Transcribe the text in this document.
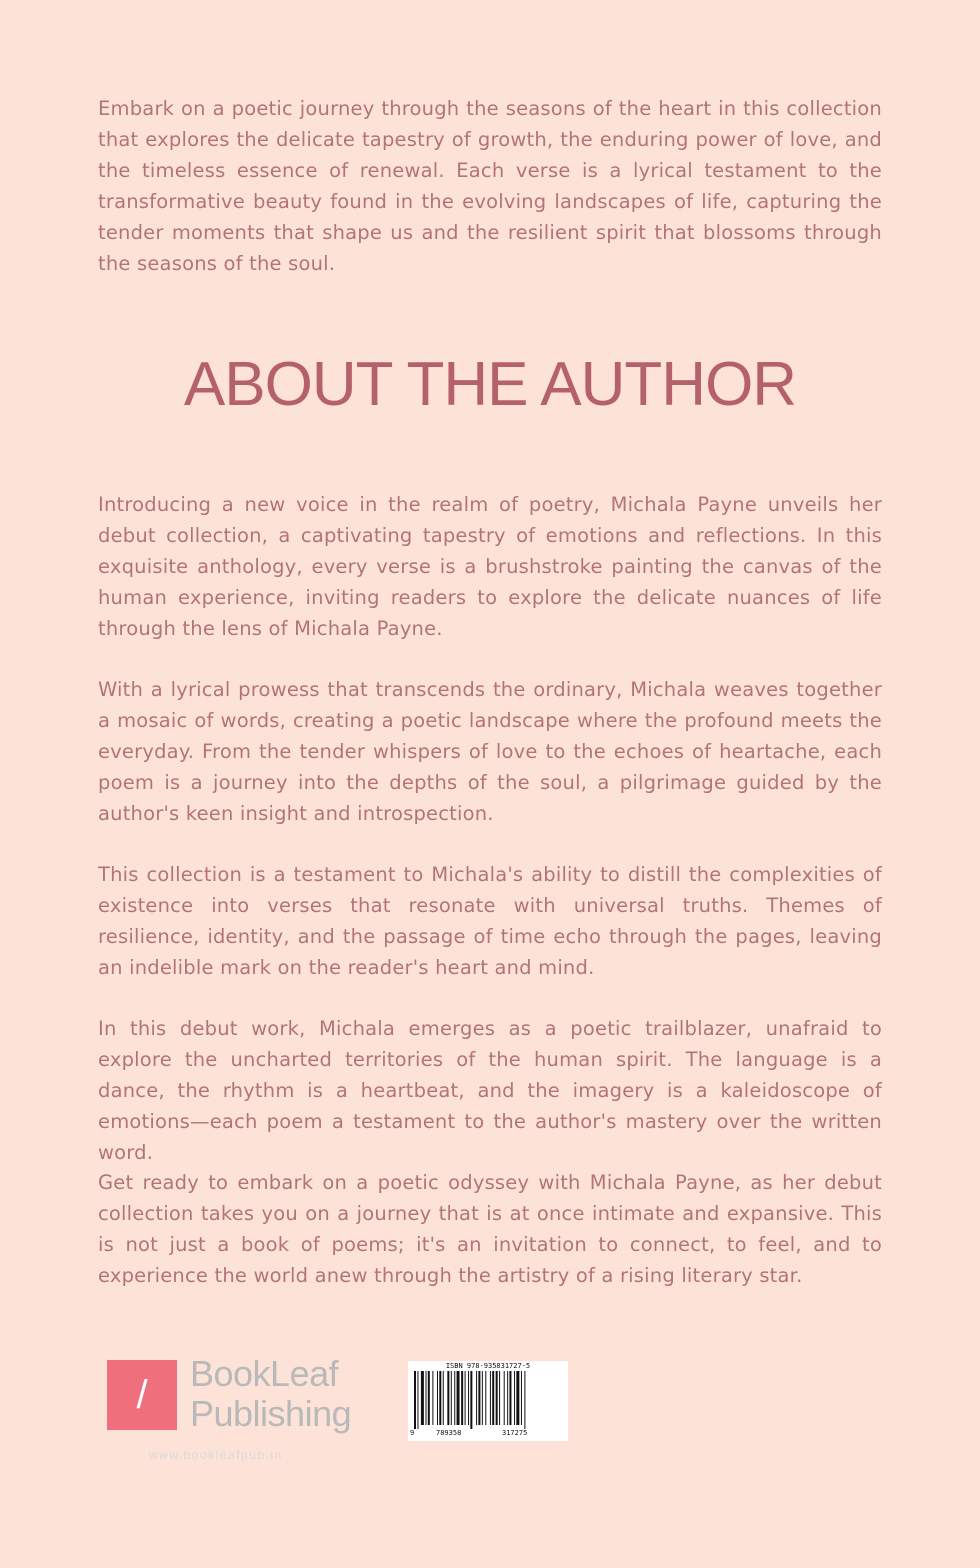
Embark on a poetic journey through the seasons of the heart in this collection that explores the delicate tapestry of growth, the enduring power of love, and the timeless essence of renewal. Each verse is a lyrical testament to the transformative beauty found in the evolving landscapes of life, capturing the tender moments that shape us and the resilient spirit that blossoms through the seasons of the soul.

ABOUT THE AUTHOR

Introducing a new voice in the realm of poetry, Michala Payne unveils her debut collection, a captivating tapestry of emotions and reflections. In this exquisite anthology, every verse is a brushstroke painting the canvas of the human experience, inviting readers to explore the delicate nuances of life through the lens of Michala Payne.

With a lyrical prowess that transcends the ordinary, Michala weaves together a mosaic of words, creating a poetic landscape where the profound meets the everyday. From the tender whispers of love to the echoes of heartache, each poem is a journey into the depths of the soul, a pilgrimage guided by the author's keen insight and introspection.

This collection is a testament to Michala's ability to distill the complexities of existence into verses that resonate with universal truths. Themes of resilience, identity, and the passage of time echo through the pages, leaving an indelible mark on the reader's heart and mind.

In this debut work, Michala emerges as a poetic trailblazer, unafraid to explore the uncharted territories of the human spirit. The language is a dance, the rhythm is a heartbeat, and the imagery is a kaleidoscope of emotions—each poem a testament to the author's mastery over the written word.

Get ready to embark on a poetic odyssey with Michala Payne, as her debut collection takes you on a journey that is at once intimate and expansive. This is not just a book of poems; it's an invitation to connect, to feel, and to experience the world anew through the artistry of a rising literary star.

/	BookLeaf
Publishing
www.bookleafpub.in
ISBN 978-935831727-5
9	789358	317275
